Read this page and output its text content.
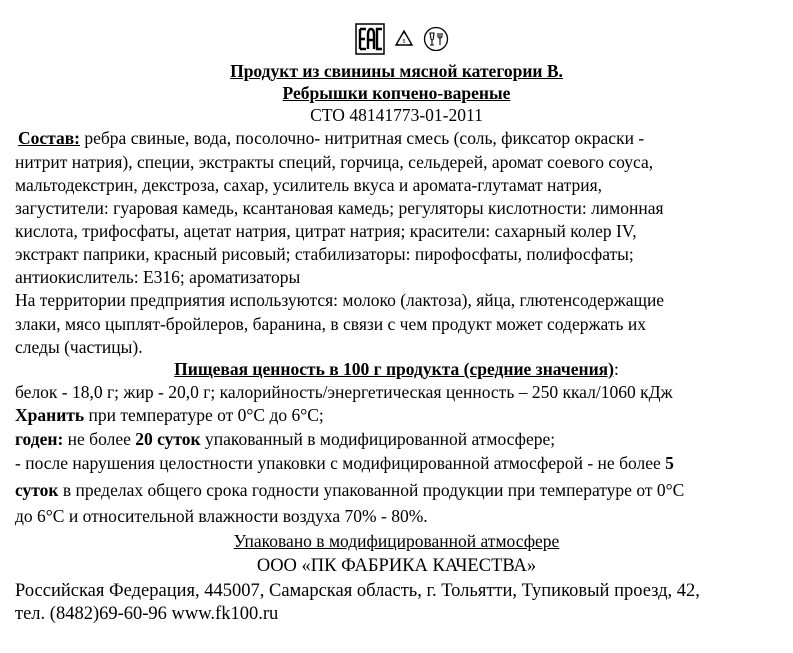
5
Продукт из свинины мясной категории В.
Ребрышки копчено-вареные
СТО 48141773-01-2011
Состав: ребра свиные, вода, посолочно- нитритная смесь (соль, фиксатор окраски -
нитрит натрия), специи, экстракты специй, горчица, сельдерей, аромат соевого соуса,
мальтодекстрин, декстроза, сахар, усилитель вкуса и аромата-глутамат натрия,
загустители: гуаровая камедь, ксантановая камедь; регуляторы кислотности: лимонная
кислота, трифосфаты, ацетат натрия, цитрат натрия; красители: сахарный колер IV,
экстракт паприки, красный рисовый; стабилизаторы: пирофосфаты, полифосфаты;
антиокислитель: Е316; ароматизаторы
На территории предприятия используются: молоко (лактоза), яйца, глютенсодержащие
злаки, мясо цыплят-бройлеров, баранина, в связи с чем продукт может содержать их
следы (частицы).
Пищевая ценность в 100 г продукта (средние значения):
белок - 18,0 г; жир - 20,0 г; калорийность/энергетическая ценность – 250 ккал/1060 кДж
Хранить при температуре от 0°С до 6°С;
годен: не более 20 суток упакованный в модифицированной атмосфере;
- после нарушения целостности упаковки с модифицированной атмосферой - не более 5
суток в пределах общего срока годности упакованной продукции при температуре от 0°С
до 6°С и относительной влажности воздуха 70% - 80%.
Упаковано в модифицированной атмосфере
ООО «ПК ФАБРИКА КАЧЕСТВА»
Российская Федерация, 445007, Самарская область, г. Тольятти, Тупиковый проезд, 42,
тел. (8482)69-60-96 www.fk100.ru
